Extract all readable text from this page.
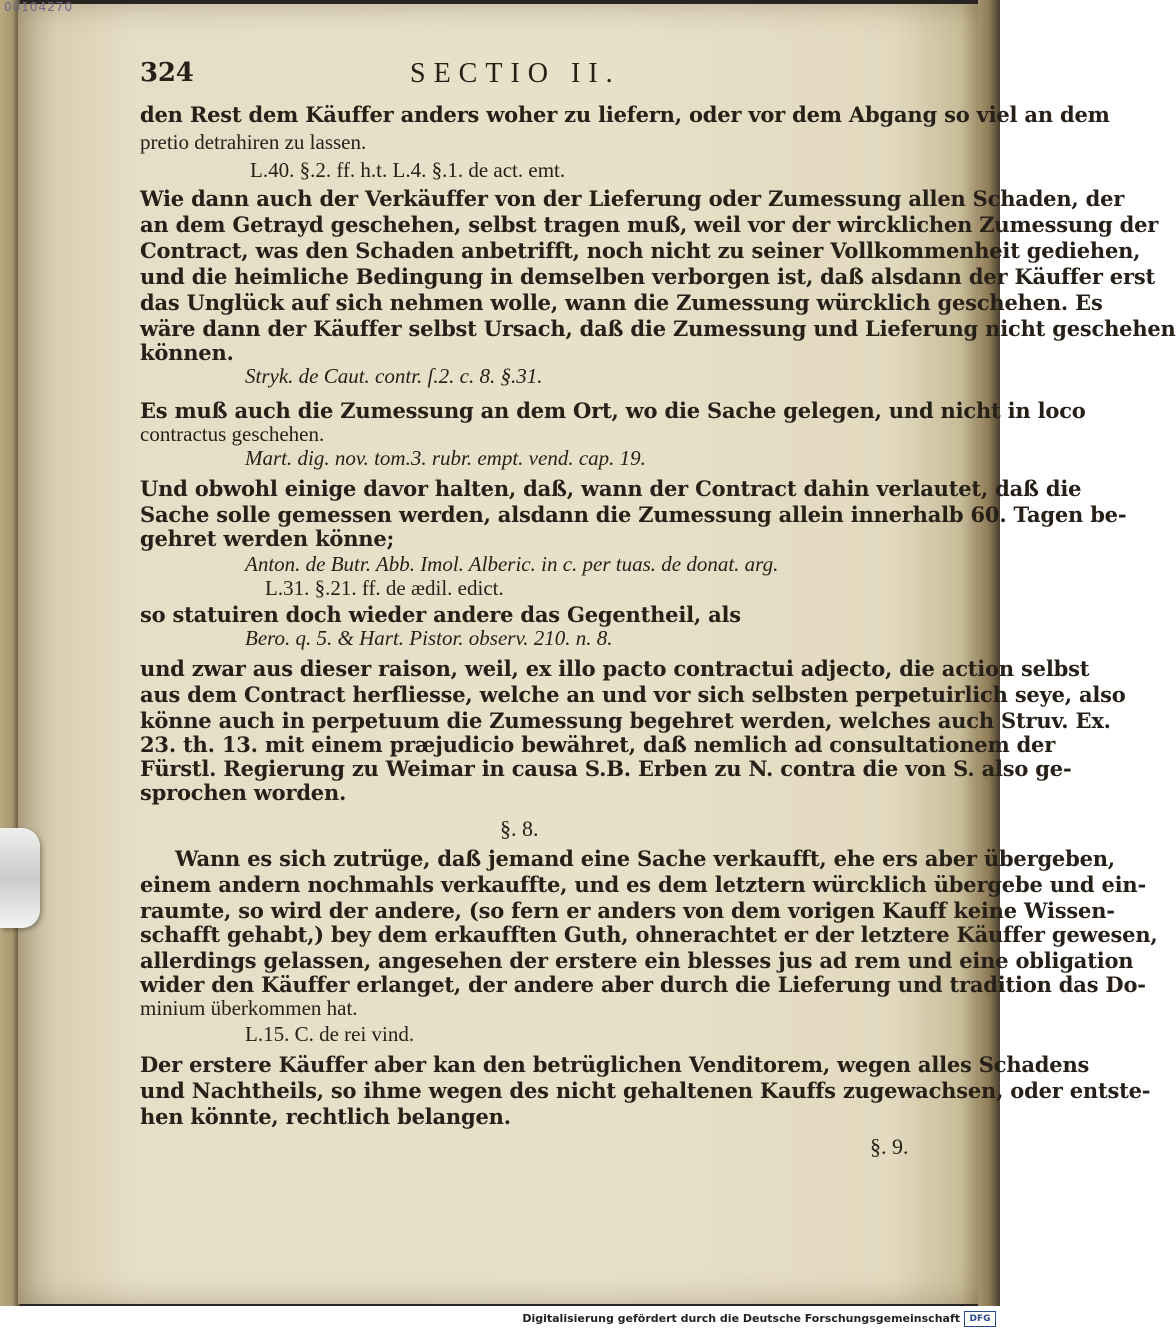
00104270
324	SECTIO II.
den Rest dem Käuffer anders woher zu liefern, oder vor dem Abgang so viel an dem
pretio detrahiren zu lassen.
L.40. §.2. ff. h.t. L.4. §.1. de act. emt.
Wie dann auch der Verkäuffer von der Lieferung oder Zumessung allen Schaden, der
an dem Getrayd geschehen, selbst tragen muß, weil vor der wircklichen Zumessung der
Contract, was den Schaden anbetrifft, noch nicht zu seiner Vollkommenheit gediehen,
und die heimliche Bedingung in demselben verborgen ist, daß alsdann der Käuffer erst
das Unglück auf sich nehmen wolle, wann die Zumessung würcklich geschehen. Es
wäre dann der Käuffer selbst Ursach, daß die Zumessung und Lieferung nicht geschehen
können.
Stryk. de Caut. contr. ſ.2. c. 8. §.31.
Es muß auch die Zumessung an dem Ort, wo die Sache gelegen, und nicht in loco
contractus geschehen.
Mart. dig. nov. tom.3. rubr. empt. vend. cap. 19.
Und obwohl einige davor halten, daß, wann der Contract dahin verlautet, daß die
Sache solle gemessen werden, alsdann die Zumessung allein innerhalb 60. Tagen be-
gehret werden könne;
Anton. de Butr. Abb. Imol. Alberic. in c. per tuas. de donat. arg.
L.31. §.21. ff. de ædil. edict.
so statuiren doch wieder andere das Gegentheil, als
Bero. q. 5. & Hart. Pistor. observ. 210. n. 8.
und zwar aus dieser raison, weil, ex illo pacto contractui adjecto, die action selbst
aus dem Contract herfliesse, welche an und vor sich selbsten perpetuirlich seye, also
könne auch in perpetuum die Zumessung begehret werden, welches auch Struv. Ex.
23. th. 13. mit einem præjudicio bewähret, daß nemlich ad consultationem der
Fürstl. Regierung zu Weimar in causa S.B. Erben zu N. contra die von S. also ge-
sprochen worden.
§. 8.
Wann es sich zutrüge, daß jemand eine Sache verkaufft, ehe ers aber übergeben,
einem andern nochmahls verkauffte, und es dem letztern würcklich übergebe und ein-
raumte, so wird der andere, (so fern er anders von dem vorigen Kauff keine Wissen-
schafft gehabt,) bey dem erkaufften Guth, ohnerachtet er der letztere Käuffer gewesen,
allerdings gelassen, angesehen der erstere ein blesses jus ad rem und eine obligation
wider den Käuffer erlanget, der andere aber durch die Lieferung und tradition das Do-
minium überkommen hat.
L.15. C. de rei vind.
Der erstere Käuffer aber kan den betrüglichen Venditorem, wegen alles Schadens
und Nachtheils, so ihme wegen des nicht gehaltenen Kauffs zugewachsen, oder entste-
hen könnte, rechtlich belangen.
§. 9.
Digitalisierung gefördert durch die Deutsche Forschungsgemeinschaft	DFG
